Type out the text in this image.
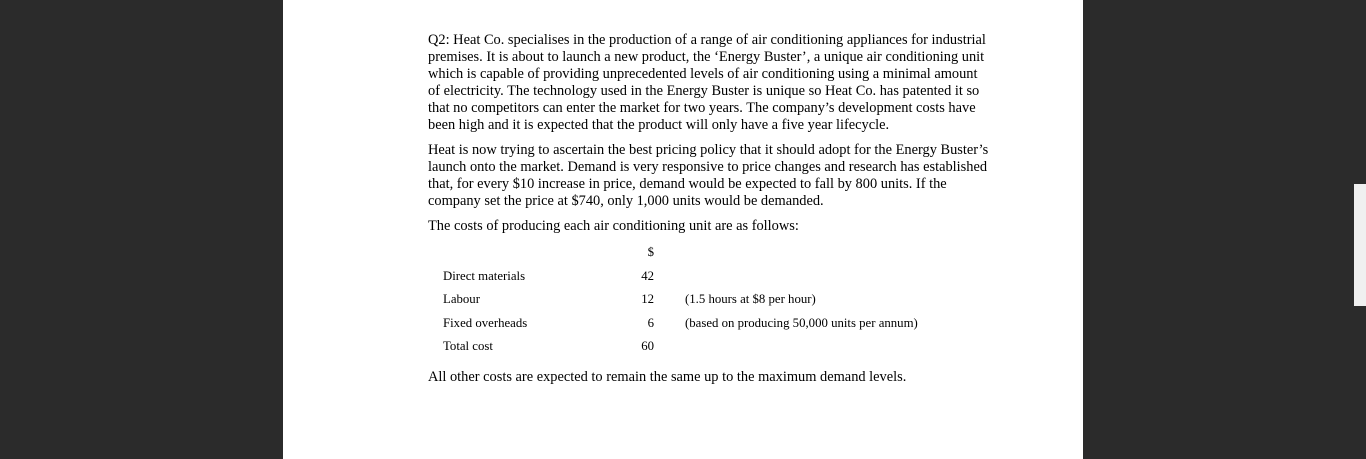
Q2: Heat Co. specialises in the production of a range of air conditioning appliances for industrial premises. It is about to launch a new product, the ‘Energy Buster’, a unique air conditioning unit which is capable of providing unprecedented levels of air conditioning using a minimal amount of electricity. The technology used in the Energy Buster is unique so Heat Co. has patented it so that no competitors can enter the market for two years. The company’s development costs have been high and it is expected that the product will only have a five year lifecycle.

Heat is now trying to ascertain the best pricing policy that it should adopt for the Energy Buster’s launch onto the market. Demand is very responsive to price changes and research has established that, for every $10 increase in price, demand would be expected to fall by 800 units. If the company set the price at $740, only 1,000 units would be demanded.

The costs of producing each air conditioning unit are as follows:

$
Direct materials	42
Labour	12 (1.5 hours at $8 per hour)
Fixed overheads	6 (based on producing 50,000 units per annum)
Total cost	60

All other costs are expected to remain the same up to the maximum demand levels.
